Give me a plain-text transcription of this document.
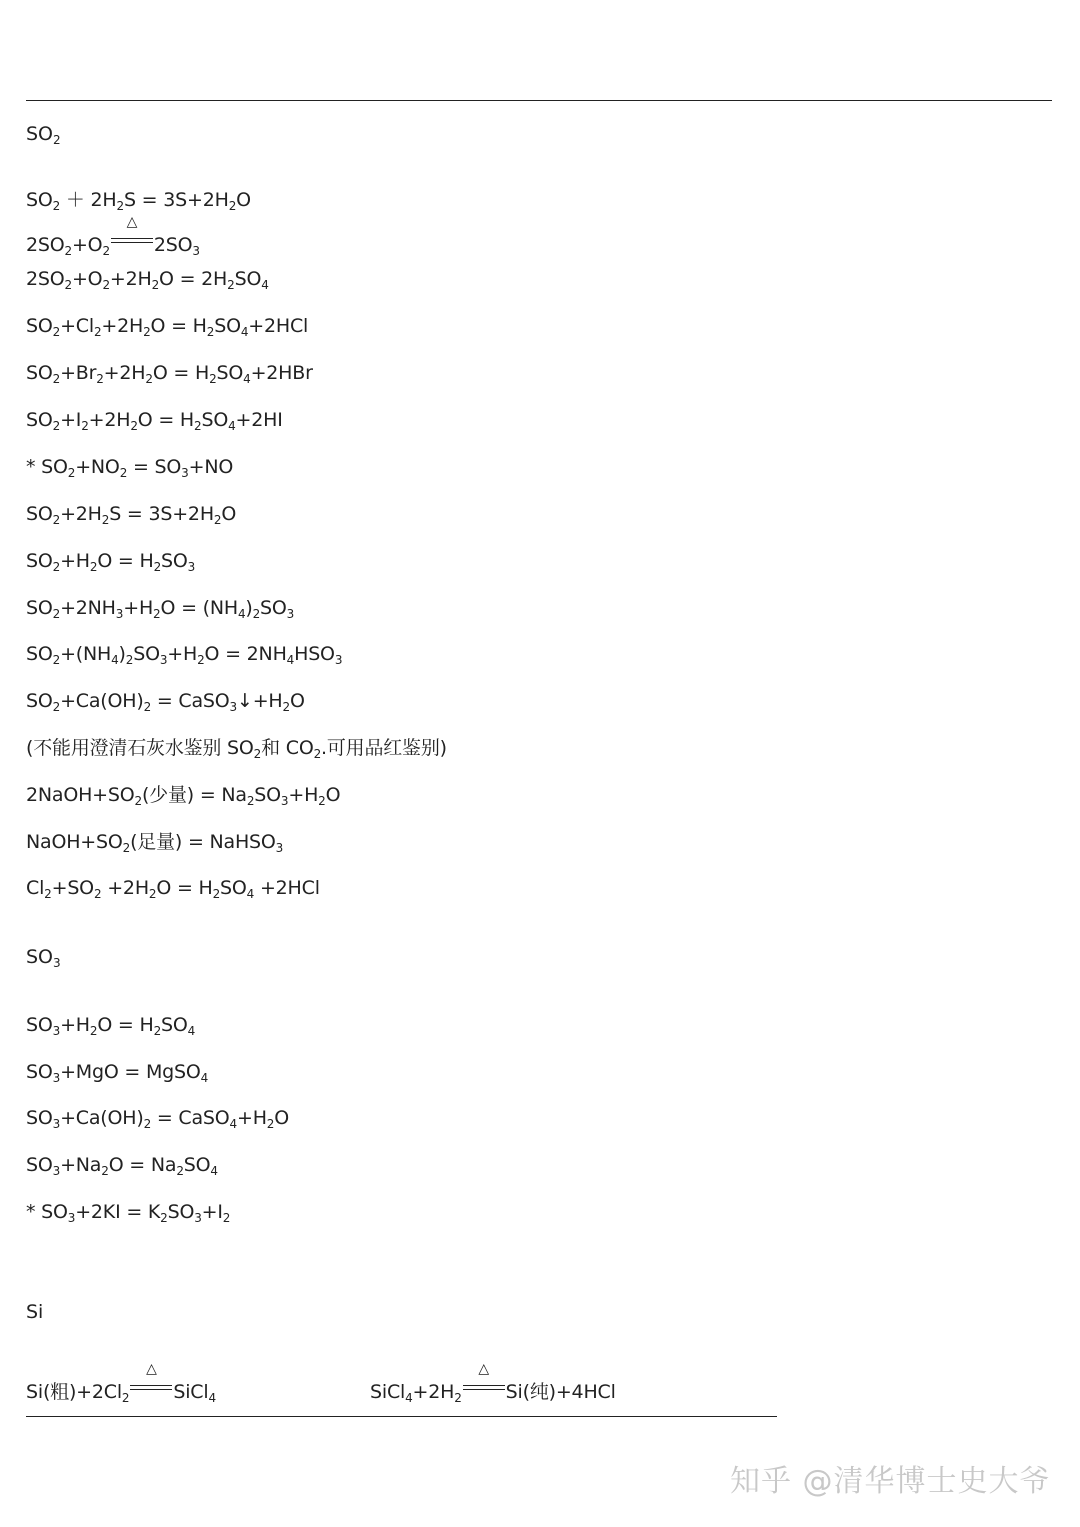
$SO_2$
$SO_2 + 2H_2S = 3S+2H_2O$
$2SO_2+O_2$
△
$2SO_3$
$2SO_2+O_2+2H_2O = 2H_2SO_4$
$SO_2+Cl_2+2H_2O = H_2SO_4+2HCl$
$SO_2+Br_2+2H_2O = H_2SO_4+2HBr$
$SO_2+I_2+2H_2O = H_2SO_4+2HI$
* $SO_2+NO_2 = SO_3+NO$
$SO_2+2H_2S = 3S+2H_2O$
$SO_2+H_2O = H_2SO_3$
$SO_2+2NH_3+H_2O = (NH_4)_2SO_3$
$SO_2+(NH_4)_2SO_3+H_2O = 2NH_4HSO_3$
$SO_2+Ca(OH)_2$ = $CaSO_3↓+H_2O$
(不能用澄清石灰水鉴别 $SO_2$和 $CO_2$.可用品红鉴别)
$2NaOH+SO_2$(少量) = $Na_2SO_3+H_2O$
$NaOH+SO_2$(足量) = NaHSO$_3$
$Cl_2+SO_2 +2H_2O = H_2SO_4 +2HCl$
$SO_3$
$SO_3+H_2O = H_2SO_4$
$SO_3+MgO$ = MgSO$_4$
$SO_3+Ca(OH)_2$ = $CaSO_4+H_2O$
$SO_3+Na_2O = Na_2SO_4$
* $SO_3+2KI = K_2SO_3+I_2$
Si
Si(粗)$+2Cl_2$
△
SiCl$_4$	$SiCl_4+2H_2$
△
Si(纯)+4HCl
知乎 @清华博士史大爷
